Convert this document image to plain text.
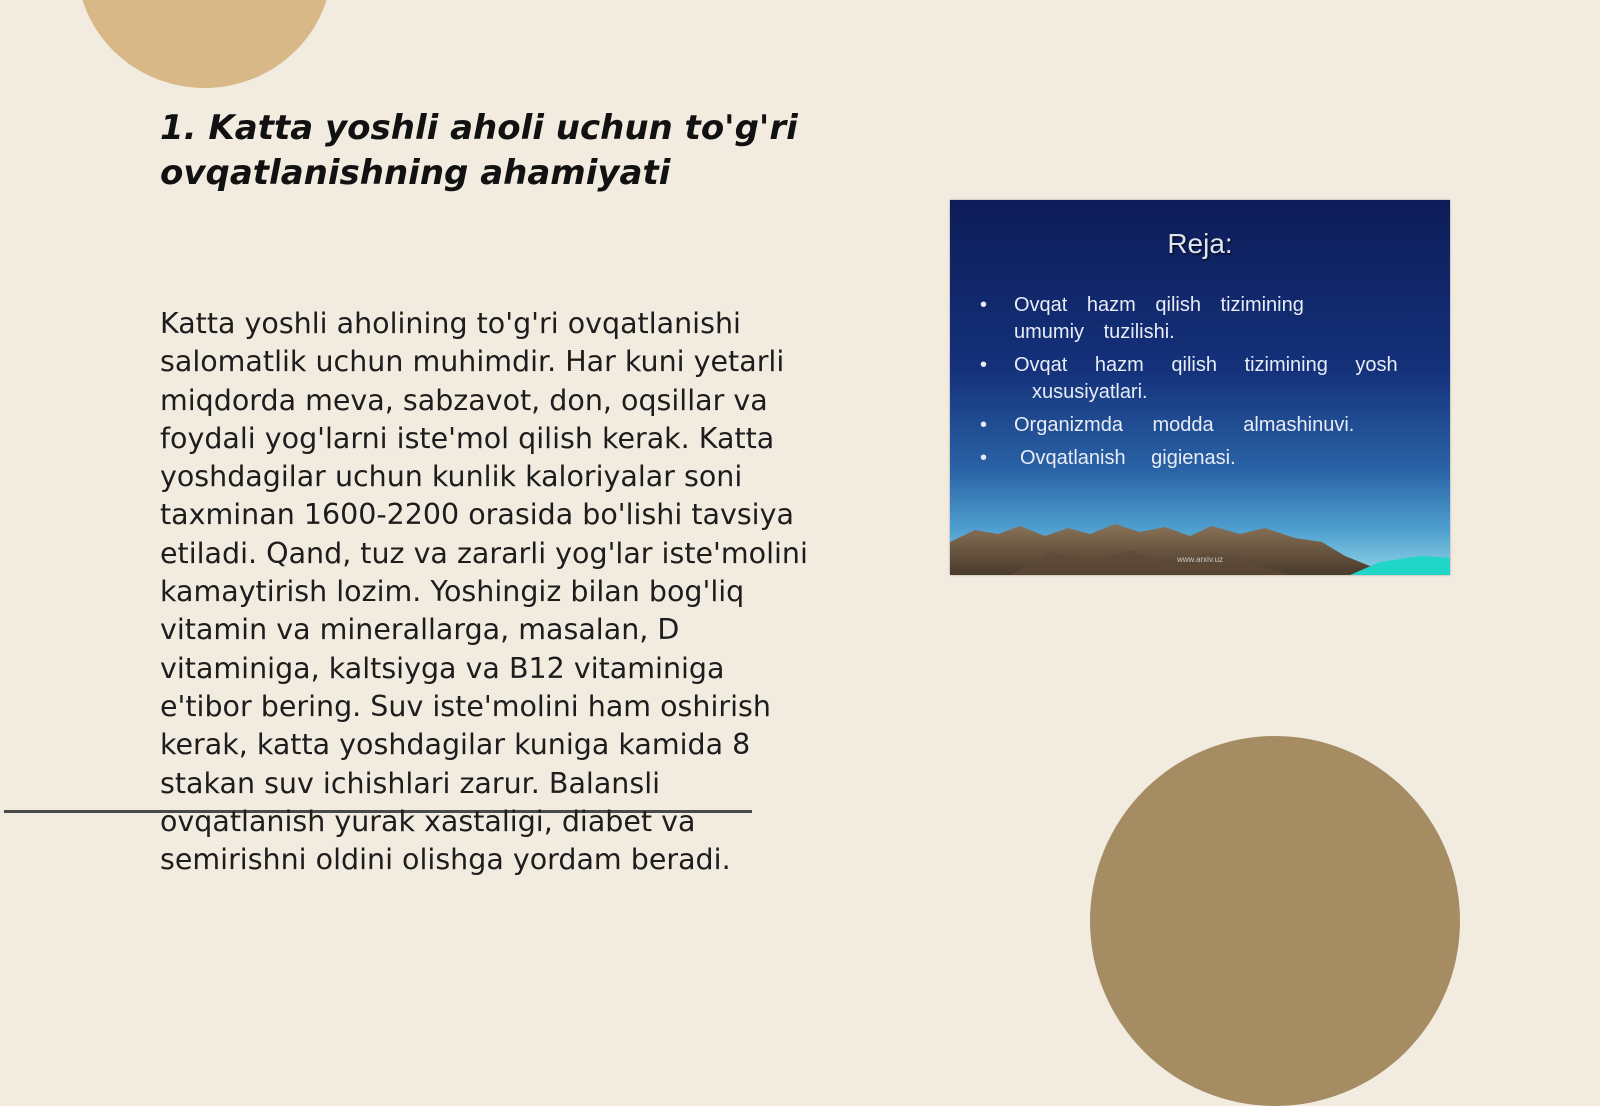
1. Katta yoshli aholi uchun to'g'ri
ovqatlanishning ahamiyati
Katta yoshli aholining to'g'ri ovqatlanishi
salomatlik uchun muhimdir. Har kuni yetarli
miqdorda meva, sabzavot, don, oqsillar va
foydali yog'larni iste'mol qilish kerak. Katta
yoshdagilar uchun kunlik kaloriyalar soni
taxminan 1600-2200 orasida bo'lishi tavsiya
etiladi. Qand, tuz va zararli yog'lar iste'molini
kamaytirish lozim. Yoshingiz bilan bog'liq
vitamin va minerallarga, masalan, D
vitaminiga, kaltsiyga va B12 vitaminiga
e'tibor bering. Suv iste'molini ham oshirish
kerak, katta yoshdagilar kuniga kamida 8
stakan suv ichishlari zarur. Balansli
ovqatlanish yurak xastaligi, diabet va
semirishni oldini olishga yordam beradi.
Reja:
• Ovqat hazm qilish tizimining
umumiy tuzilishi.
• Ovqat hazm qilish tizimining yosh
xususiyatlari.
• Organizmda modda almashinuvi.
•	Ovqatlanish gigienasi.
www.arxiv.uz
